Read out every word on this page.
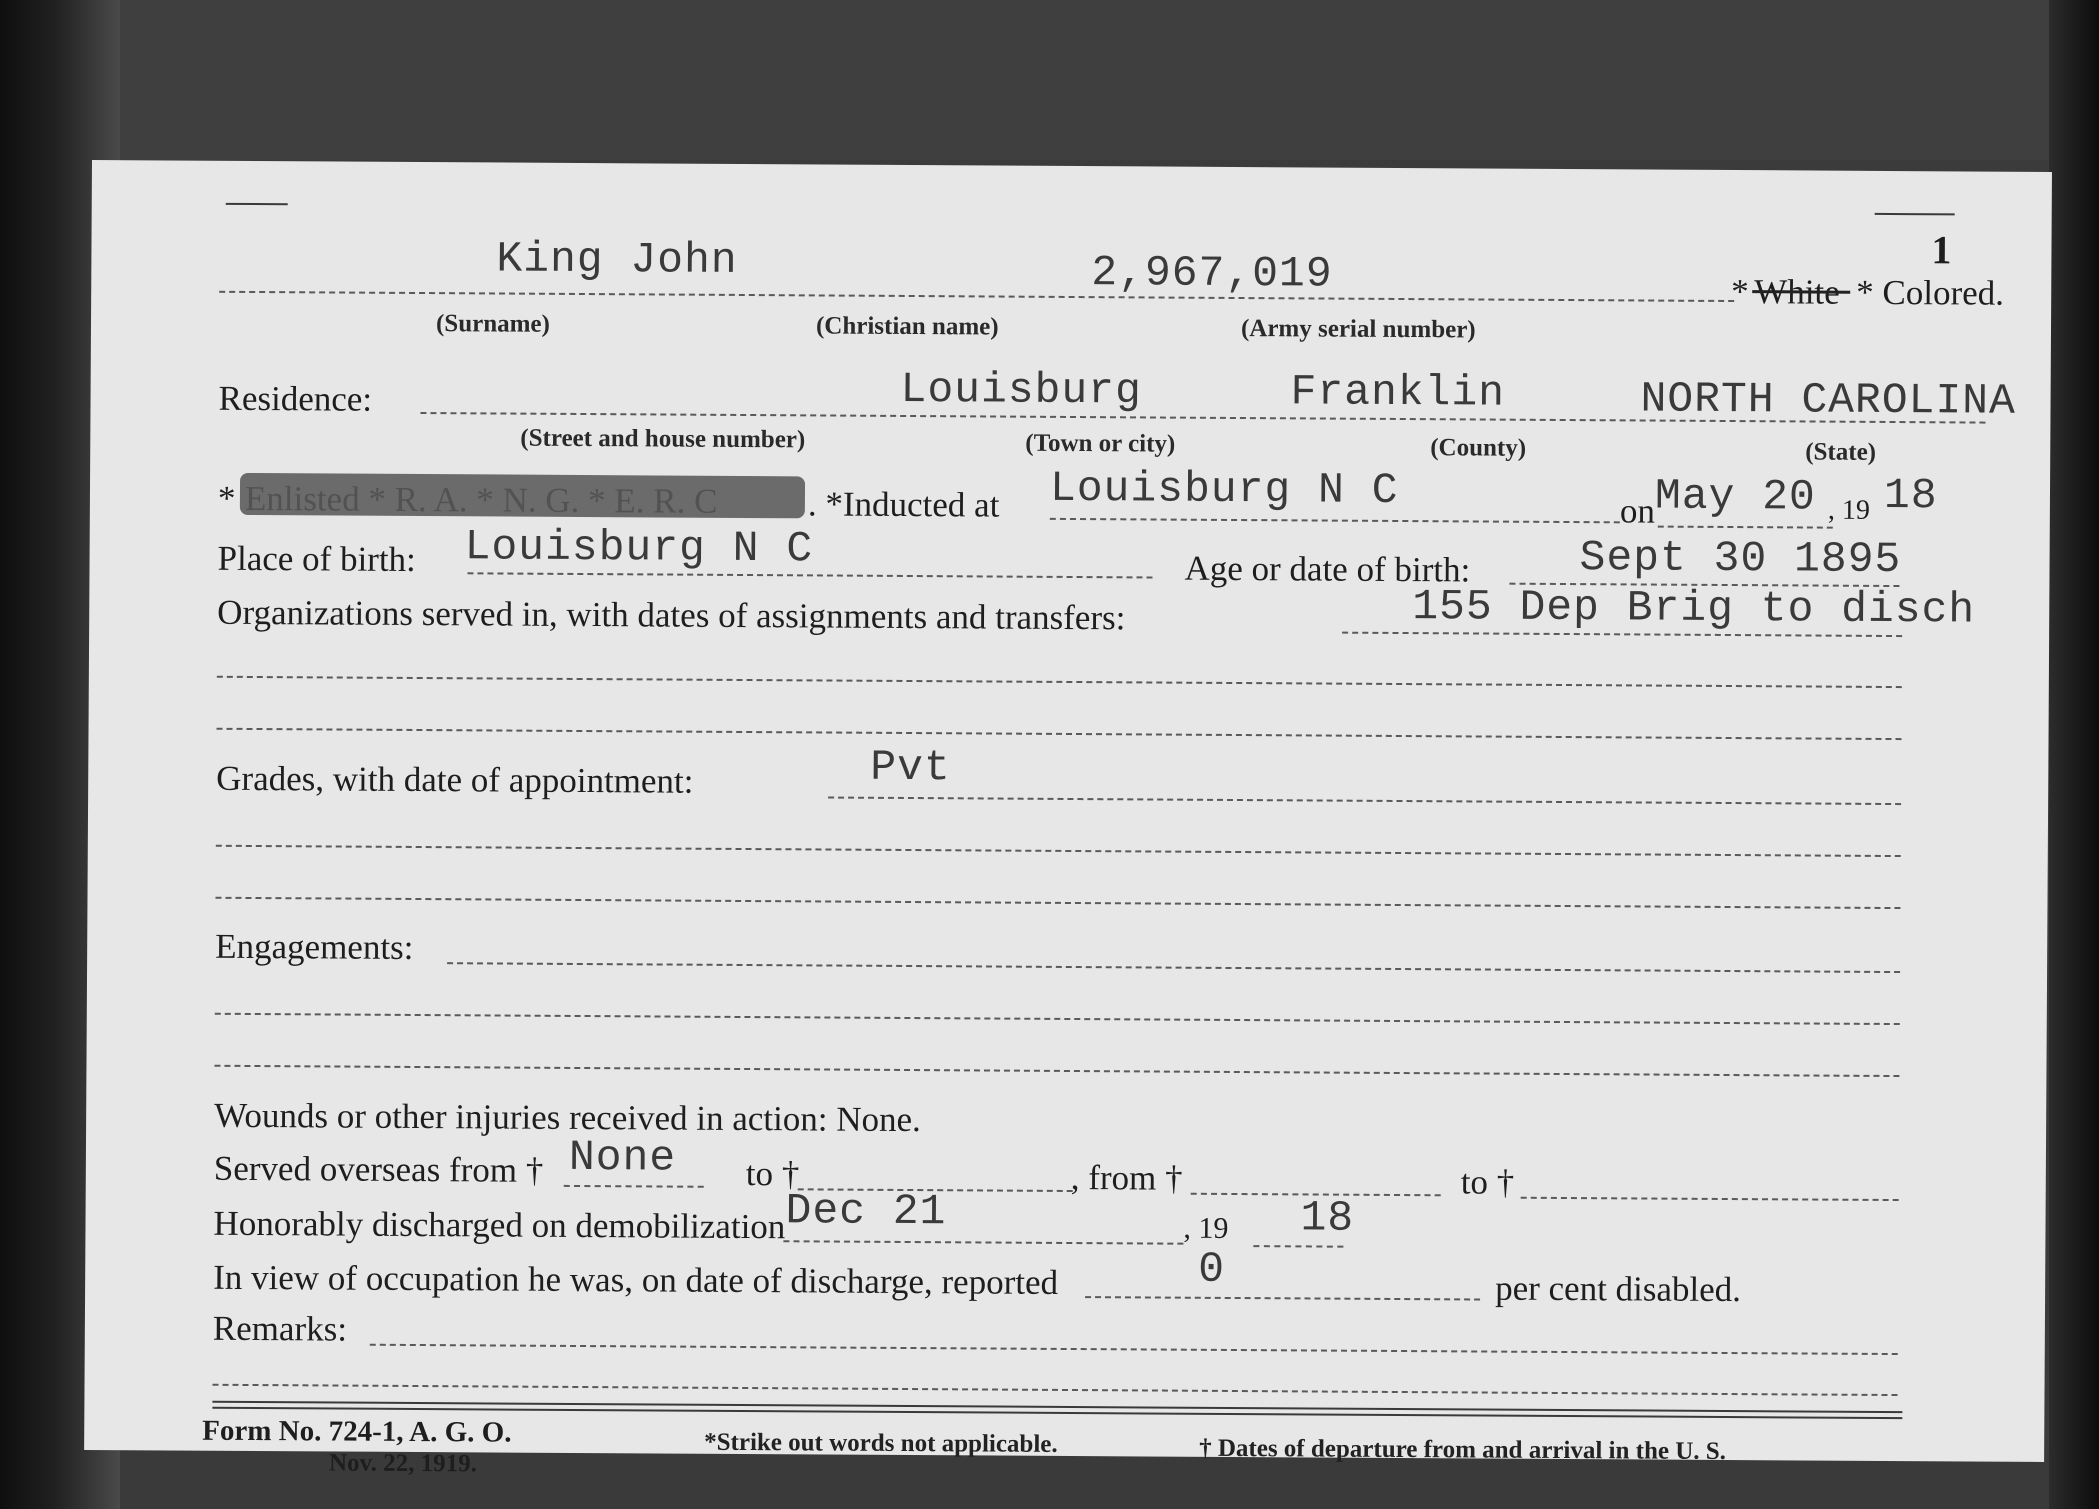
1
King John	2,967,019	* White * Colored.
(Surname)	(Christian name)	(Army serial number)
Residence:	Louisburg	Franklin	NORTH CAROLINA
(Street and house number)	(Town or city)	(County)	(State)
*	. *Inducted at Louisburg N C	on May 20 , 19 18
Place of birth: Louisburg N C	Age or date of birth:	Sept 30 1895
Organizations served in, with dates of assignments and transfers:	155 Dep Brig to disch
Grades, with date of appointment:	Pvt
Engagements:
Wounds or other injuries received in action: None.
Served overseas from † None to †	, from †	to †
Honorably discharged on demobilization Dec 21	, 19 18
In view of occupation he was, on date of discharge, reported	0	per cent disabled.
Remarks:
Form No. 724-1, A. G. O.
Nov. 22, 1919.
*Strike out words not applicable.	† Dates of departure from and arrival in the U. S.
